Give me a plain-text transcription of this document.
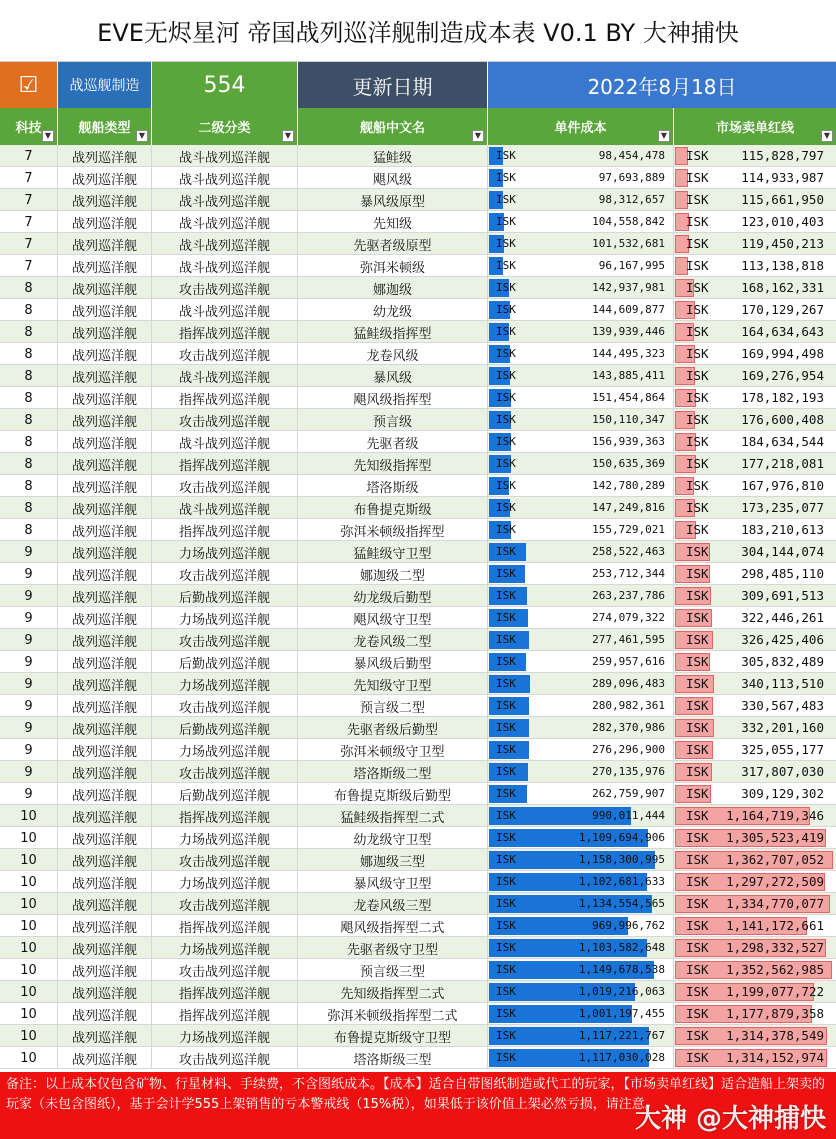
EVE无烬星河 帝国战列巡洋舰制造成本表 V0.1 BY 大神捕快
☑	战巡舰制造	554	更新日期	2022年8月18日
科技 ▼ 舰船类型	▼	二级分类	▼	舰船中文名	▼	单件成本	▼	市场卖单红线	▼
7	战列巡洋舰	战斗战列巡洋舰	猛鲑级	ISK	98,454,478 ISK	115,828,797
7	战列巡洋舰	战斗战列巡洋舰	飓风级	ISK	97,693,889 ISK	114,933,987
7	战列巡洋舰	战斗战列巡洋舰	暴风级原型	ISK	98,312,657 ISK	115,661,950
7	战列巡洋舰	战斗战列巡洋舰	先知级	ISK	104,558,842 ISK	123,010,403
7	战列巡洋舰	战斗战列巡洋舰	先驱者级原型	ISK	101,532,681 ISK	119,450,213
7	战列巡洋舰	战斗战列巡洋舰	弥洱米顿级	ISK	96,167,995 ISK	113,138,818
8	战列巡洋舰	攻击战列巡洋舰	娜迦级	ISK	142,937,981 ISK	168,162,331
8	战列巡洋舰	战斗战列巡洋舰	幼龙级	ISK	144,609,877 ISK	170,129,267
8	战列巡洋舰	指挥战列巡洋舰	猛鲑级指挥型	ISK	139,939,446 ISK	164,634,643
8	战列巡洋舰	攻击战列巡洋舰	龙卷风级	ISK	144,495,323 ISK	169,994,498
8	战列巡洋舰	战斗战列巡洋舰	暴风级	ISK	143,885,411 ISK	169,276,954
8	战列巡洋舰	指挥战列巡洋舰	飓风级指挥型	ISK	151,454,864 ISK	178,182,193
8	战列巡洋舰	攻击战列巡洋舰	预言级	ISK	150,110,347 ISK	176,600,408
8	战列巡洋舰	战斗战列巡洋舰	先驱者级	ISK	156,939,363 ISK	184,634,544
8	战列巡洋舰	指挥战列巡洋舰	先知级指挥型	ISK	150,635,369 ISK	177,218,081
8	战列巡洋舰	攻击战列巡洋舰	塔洛斯级	ISK	142,780,289 ISK	167,976,810
8	战列巡洋舰	战斗战列巡洋舰	布鲁提克斯级	ISK	147,249,816 ISK	173,235,077
8	战列巡洋舰	指挥战列巡洋舰	弥洱米顿级指挥型	ISK	155,729,021 ISK	183,210,613
9	战列巡洋舰	力场战列巡洋舰	猛鲑级守卫型	ISK	258,522,463 ISK	304,144,074
9	战列巡洋舰	攻击战列巡洋舰	娜迦级二型	ISK	253,712,344 ISK	298,485,110
9	战列巡洋舰	后勤战列巡洋舰	幼龙级后勤型	ISK	263,237,786 ISK	309,691,513
9	战列巡洋舰	力场战列巡洋舰	飓风级守卫型	ISK	274,079,322 ISK	322,446,261
9	战列巡洋舰	攻击战列巡洋舰	龙卷风级二型	ISK	277,461,595 ISK	326,425,406
9	战列巡洋舰	后勤战列巡洋舰	暴风级后勤型	ISK	259,957,616 ISK	305,832,489
9	战列巡洋舰	力场战列巡洋舰	先知级守卫型	ISK	289,096,483 ISK	340,113,510
9	战列巡洋舰	攻击战列巡洋舰	预言级二型	ISK	280,982,361 ISK	330,567,483
9	战列巡洋舰	后勤战列巡洋舰	先驱者级后勤型	ISK	282,370,986 ISK	332,201,160
9	战列巡洋舰	力场战列巡洋舰	弥洱米顿级守卫型	ISK	276,296,900 ISK	325,055,177
9	战列巡洋舰	攻击战列巡洋舰	塔洛斯级二型	ISK	270,135,976 ISK	317,807,030
9	战列巡洋舰	后勤战列巡洋舰	布鲁提克斯级后勤型	ISK	262,759,907 ISK	309,129,302
10	战列巡洋舰	指挥战列巡洋舰	猛鲑级指挥型二式	ISK	990,011,444 ISK 1,164,719,346
10	战列巡洋舰	力场战列巡洋舰	幼龙级守卫型	ISK	1,109,694,906 ISK 1,305,523,419
10	战列巡洋舰	攻击战列巡洋舰	娜迦级三型	ISK	1,158,300,995 ISK 1,362,707,052
10	战列巡洋舰	力场战列巡洋舰	暴风级守卫型	ISK	1,102,681,633 ISK 1,297,272,509
10	战列巡洋舰	攻击战列巡洋舰	龙卷风级三型	ISK	1,134,554,565 ISK 1,334,770,077
10	战列巡洋舰	指挥战列巡洋舰	飓风级指挥型二式	ISK	969,996,762 ISK 1,141,172,661
10	战列巡洋舰	力场战列巡洋舰	先驱者级守卫型	ISK	1,103,582,648 ISK 1,298,332,527
10	战列巡洋舰	攻击战列巡洋舰	预言级三型	ISK	1,149,678,538 ISK 1,352,562,985
10	战列巡洋舰	指挥战列巡洋舰	先知级指挥型二式	ISK	1,019,216,063 ISK 1,199,077,722
10	战列巡洋舰	指挥战列巡洋舰	弥洱米顿级指挥型二式	ISK	1,001,197,455 ISK 1,177,879,358
10	战列巡洋舰	力场战列巡洋舰	布鲁提克斯级守卫型	ISK	1,117,221,767 ISK 1,314,378,549
10	战列巡洋舰	攻击战列巡洋舰	塔洛斯级三型	ISK	1,117,030,028 ISK 1,314,152,974
备注：以上成本仅包含矿物、行星材料、手续费，不含图纸成本。【成本】适合自带图纸制造或代工的玩家，【市场卖单红线】适合造船上架卖的玩家（未包含图纸），基于会计学555上架销售的亏本警戒线（15%税），如果低于该价值上架必然亏损，请注意。
大神 @大神捕快
